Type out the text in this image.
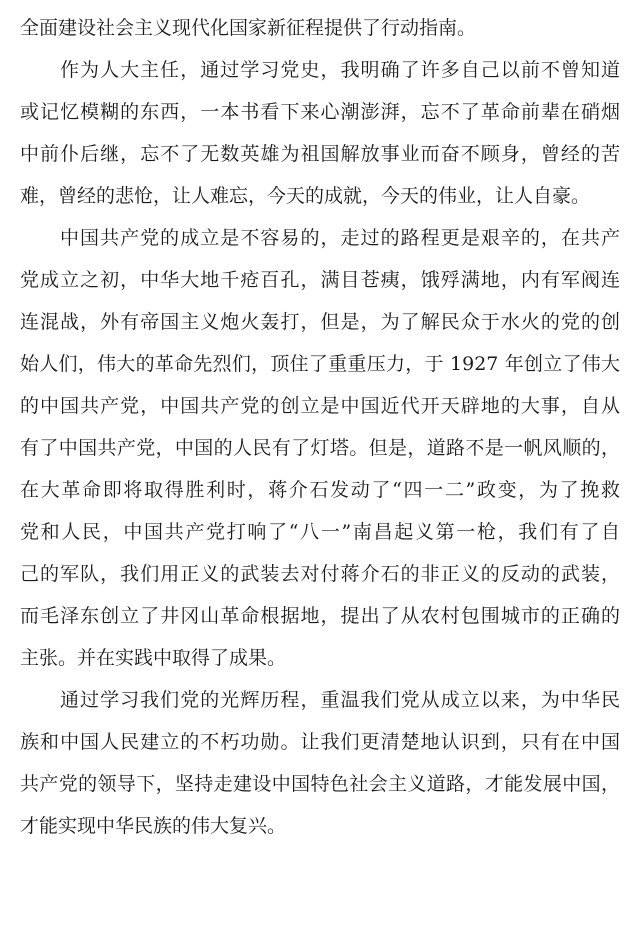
全面建设社会主义现代化国家新征程提供了行动指南。

作为人大主任，通过学习党史，我明确了许多自己以前不曾知道

或记忆模糊的东西，一本书看下来心潮澎湃，忘不了革命前辈在硝烟

中前仆后继，忘不了无数英雄为祖国解放事业而奋不顾身，曾经的苦

难，曾经的悲怆，让人难忘，今天的成就，今天的伟业，让人自豪。

中国共产党的成立是不容易的，走过的路程更是艰辛的，在共产

党成立之初，中华大地千疮百孔，满目苍痍，饿殍满地，内有军阀连

连混战，外有帝国主义炮火轰打，但是，为了解民众于水火的党的创

始人们，伟大的革命先烈们，顶住了重重压力，于 1927 年创立了伟大

的中国共产党，中国共产党的创立是中国近代开天辟地的大事，自从

有了中国共产党，中国的人民有了灯塔。但是，道路不是一帆风顺的，

在大革命即将取得胜利时，蒋介石发动了“四一二”政变，为了挽救

党和人民，中国共产党打响了“八一”南昌起义第一枪，我们有了自

己的军队，我们用正义的武装去对付蒋介石的非正义的反动的武装，

而毛泽东创立了井冈山革命根据地，提出了从农村包围城市的正确的

主张。并在实践中取得了成果。

通过学习我们党的光辉历程，重温我们党从成立以来，为中华民

族和中国人民建立的不朽功勋。让我们更清楚地认识到，只有在中国

共产党的领导下，坚持走建设中国特色社会主义道路，才能发展中国，

才能实现中华民族的伟大复兴。
